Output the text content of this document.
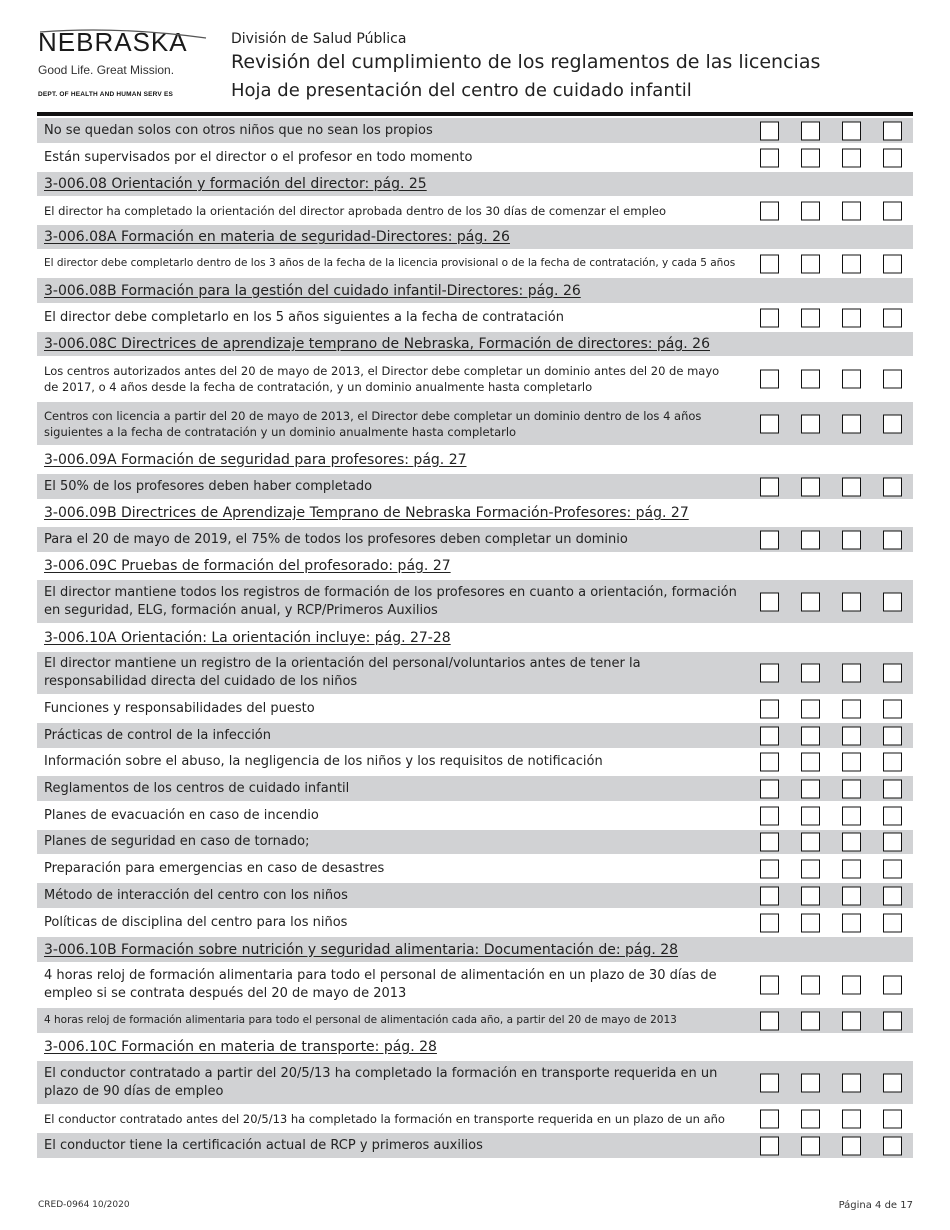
NEBRASKA
Good Life. Great Mission.
DEPT. OF HEALTH AND HUMAN SERV ES
División de Salud Pública
Revisión del cumplimiento de los reglamentos de las licencias
Hoja de presentación del centro de cuidado infantil
No se quedan solos con otros niños que no sean los propios
Están supervisados por el director o el profesor en todo momento
3-006.08 Orientación y formación del director: pág. 25
El director ha completado la orientación del director aprobada dentro de los 30 días de comenzar el empleo
3-006.08A Formación en materia de seguridad-Directores: pág. 26
El director debe completarlo dentro de los 3 años de la fecha de la licencia provisional o de la fecha de contratación, y cada 5 años
3-006.08B Formación para la gestión del cuidado infantil-Directores: pág. 26
El director debe completarlo en los 5 años siguientes a la fecha de contratación
3-006.08C Directrices de aprendizaje temprano de Nebraska, Formación de directores: pág. 26
Los centros autorizados antes del 20 de mayo de 2013, el Director debe completar un dominio antes del 20 de mayo de 2017, o 4 años desde la fecha de contratación, y un dominio anualmente hasta completarlo
Centros con licencia a partir del 20 de mayo de 2013, el Director debe completar un dominio dentro de los 4 años siguientes a la fecha de contratación y un dominio anualmente hasta completarlo
3-006.09A Formación de seguridad para profesores: pág. 27
El 50% de los profesores deben haber completado
3-006.09B Directrices de Aprendizaje Temprano de Nebraska Formación-Profesores: pág. 27
Para el 20 de mayo de 2019, el 75% de todos los profesores deben completar un dominio
3-006.09C Pruebas de formación del profesorado: pág. 27
El director mantiene todos los registros de formación de los profesores en cuanto a orientación, formación en seguridad, ELG, formación anual, y RCP/Primeros Auxilios
3-006.10A Orientación: La orientación incluye: pág. 27-28
El director mantiene un registro de la orientación del personal/voluntarios antes de tener la responsabilidad directa del cuidado de los niños
Funciones y responsabilidades del puesto
Prácticas de control de la infección
Información sobre el abuso, la negligencia de los niños y los requisitos de notificación
Reglamentos de los centros de cuidado infantil
Planes de evacuación en caso de incendio
Planes de seguridad en caso de tornado;
Preparación para emergencias en caso de desastres
Método de interacción del centro con los niños
Políticas de disciplina del centro para los niños
3-006.10B Formación sobre nutrición y seguridad alimentaria: Documentación de: pág. 28
4 horas reloj de formación alimentaria para todo el personal de alimentación en un plazo de 30 días de empleo si se contrata después del 20 de mayo de 2013
4 horas reloj de formación alimentaria para todo el personal de alimentación cada año, a partir del 20 de mayo de 2013
3-006.10C Formación en materia de transporte: pág. 28
El conductor contratado a partir del 20/5/13 ha completado la formación en transporte requerida en un plazo de 90 días de empleo
El conductor contratado antes del 20/5/13 ha completado la formación en transporte requerida en un plazo de un año
El conductor tiene la certificación actual de RCP y primeros auxilios
CRED-0964 10/2020	Página 4 de 17
